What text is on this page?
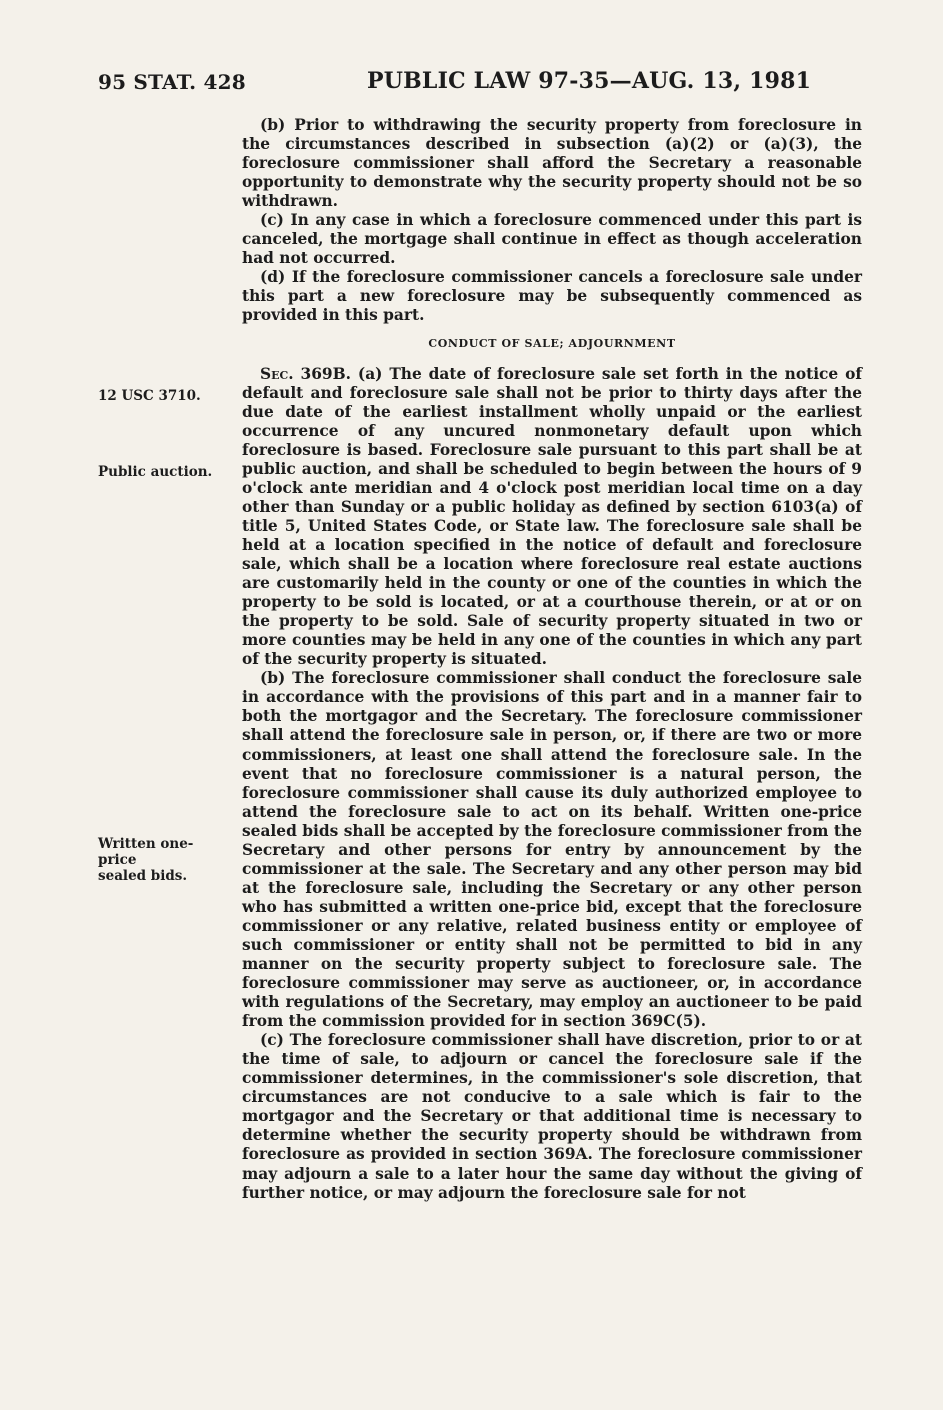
95 STAT. 428	PUBLIC LAW 97-35—AUG. 13, 1981
12 USC 3710.
Public auction.
Written one-
price
sealed bids.

(b) Prior to withdrawing the security property from foreclosure in the circumstances described in subsection (a)(2) or (a)(3), the foreclosure commissioner shall afford the Secretary a reasonable opportunity to demonstrate why the security property should not be so withdrawn.

(c) In any case in which a foreclosure commenced under this part is canceled, the mortgage shall continue in effect as though acceleration had not occurred.

(d) If the foreclosure commissioner cancels a foreclosure sale under this part a new foreclosure may be subsequently commenced as provided in this part.

CONDUCT OF SALE; ADJOURNMENT

Sec. 369B. (a) The date of foreclosure sale set forth in the notice of default and foreclosure sale shall not be prior to thirty days after the due date of the earliest installment wholly unpaid or the earliest occurrence of any uncured nonmonetary default upon which foreclosure is based. Foreclosure sale pursuant to this part shall be at public auction, and shall be scheduled to begin between the hours of 9 o'clock ante meridian and 4 o'clock post meridian local time on a day other than Sunday or a public holiday as defined by section 6103(a) of title 5, United States Code, or State law. The foreclosure sale shall be held at a location specified in the notice of default and foreclosure sale, which shall be a location where foreclosure real estate auctions are customarily held in the county or one of the counties in which the property to be sold is located, or at a courthouse therein, or at or on the property to be sold. Sale of security property situated in two or more counties may be held in any one of the counties in which any part of the security property is situated.

(b) The foreclosure commissioner shall conduct the foreclosure sale in accordance with the provisions of this part and in a manner fair to both the mortgagor and the Secretary. The foreclosure commissioner shall attend the foreclosure sale in person, or, if there are two or more commissioners, at least one shall attend the foreclosure sale. In the event that no foreclosure commissioner is a natural person, the foreclosure commissioner shall cause its duly authorized employee to attend the foreclosure sale to act on its behalf. Written one-price sealed bids shall be accepted by the foreclosure commissioner from the Secretary and other persons for entry by announcement by the commissioner at the sale. The Secretary and any other person may bid at the foreclosure sale, including the Secretary or any other person who has submitted a written one-price bid, except that the foreclosure commissioner or any relative, related business entity or employee of such commissioner or entity shall not be permitted to bid in any manner on the security property subject to foreclosure sale. The foreclosure commissioner may serve as auctioneer, or, in accordance with regulations of the Secretary, may employ an auctioneer to be paid from the commission provided for in section 369C(5).

(c) The foreclosure commissioner shall have discretion, prior to or at the time of sale, to adjourn or cancel the foreclosure sale if the commissioner determines, in the commissioner's sole discretion, that circumstances are not conducive to a sale which is fair to the mortgagor and the Secretary or that additional time is necessary to determine whether the security property should be withdrawn from foreclosure as provided in section 369A. The foreclosure commissioner may adjourn a sale to a later hour the same day without the giving of further notice, or may adjourn the foreclosure sale for not
